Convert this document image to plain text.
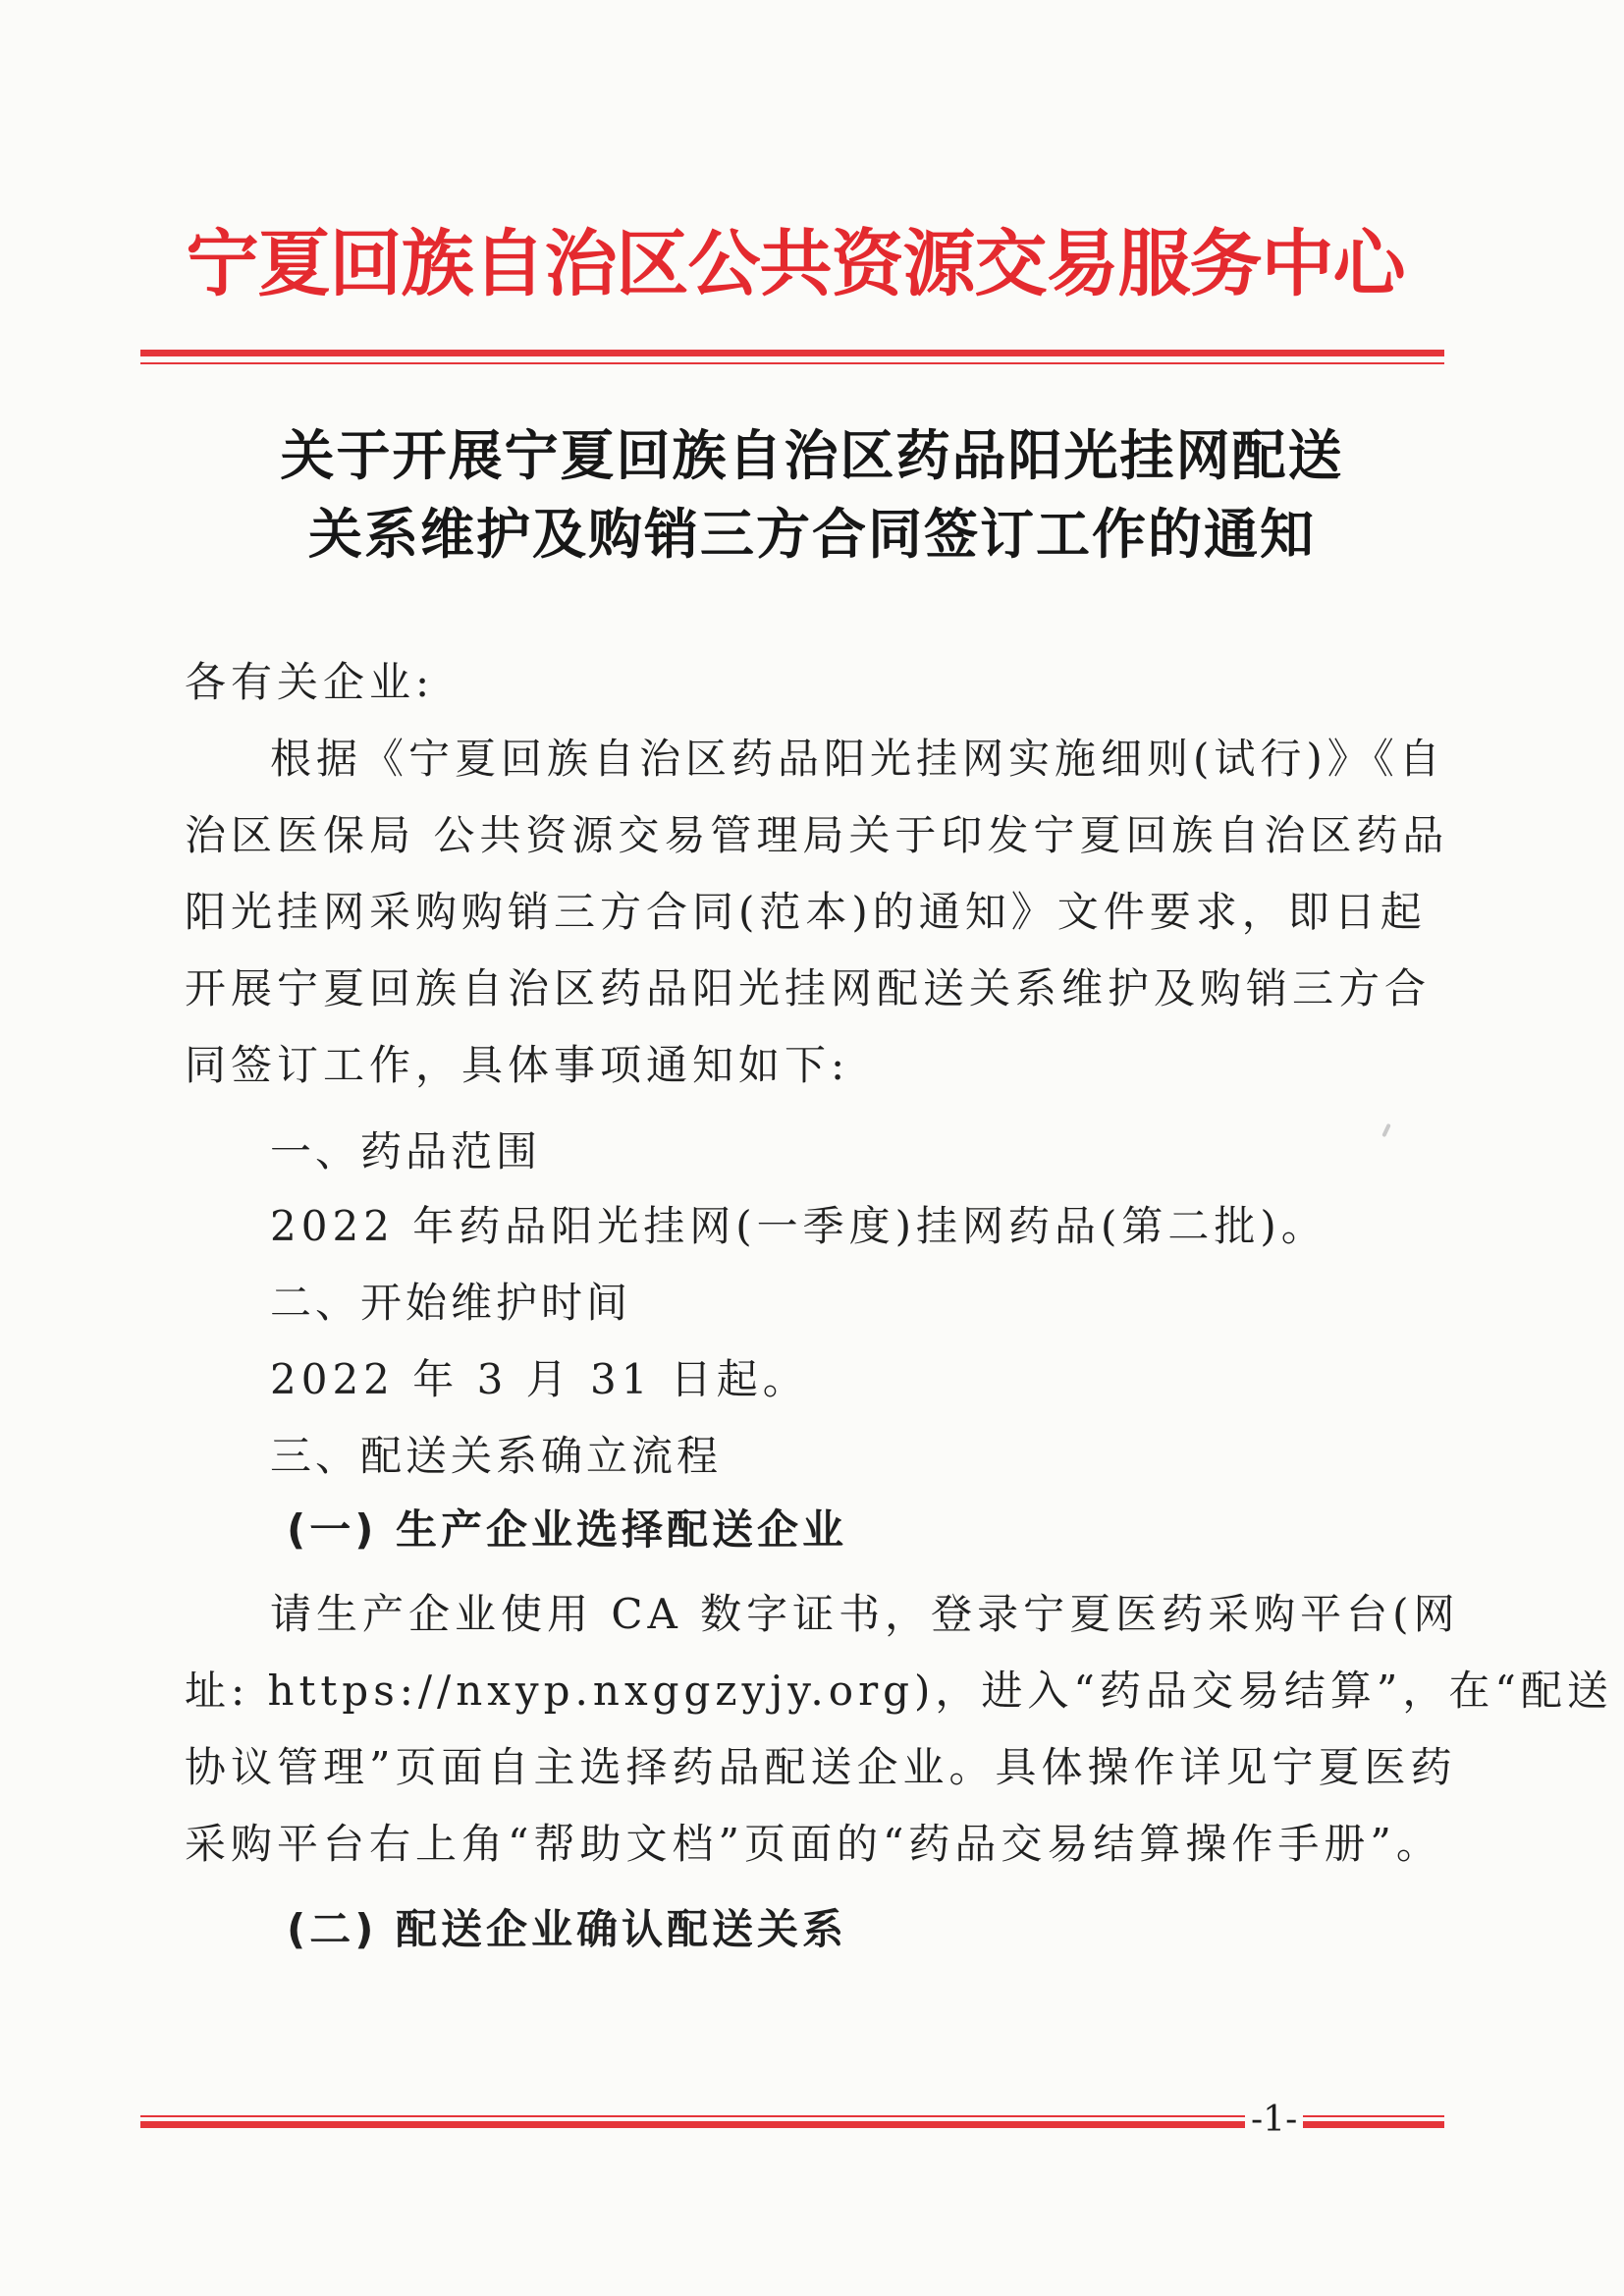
宁夏回族自治区公共资源交易服务中心
关于开展宁夏回族自治区药品阳光挂网配送
关系维护及购销三方合同签订工作的通知
各有关企业:
根据《宁夏回族自治区药品阳光挂网实施细则(试行)》《自
治区医保局 公共资源交易管理局关于印发宁夏回族自治区药品
阳光挂网采购购销三方合同(范本)的通知》文件要求，即日起
开展宁夏回族自治区药品阳光挂网配送关系维护及购销三方合
同签订工作，具体事项通知如下:
一、药品范围
2022 年药品阳光挂网(一季度)挂网药品(第二批)。
二、开始维护时间
2022 年 3 月 31 日起。
三、配送关系确立流程
(一) 生产企业选择配送企业
请生产企业使用 CA 数字证书，登录宁夏医药采购平台(网
址: https://nxyp.nxggzyjy.org)，进入“药品交易结算”，在“配送
协议管理”页面自主选择药品配送企业。具体操作详见宁夏医药
采购平台右上角“帮助文档”页面的“药品交易结算操作手册”。
(二) 配送企业确认配送关系
-1-
